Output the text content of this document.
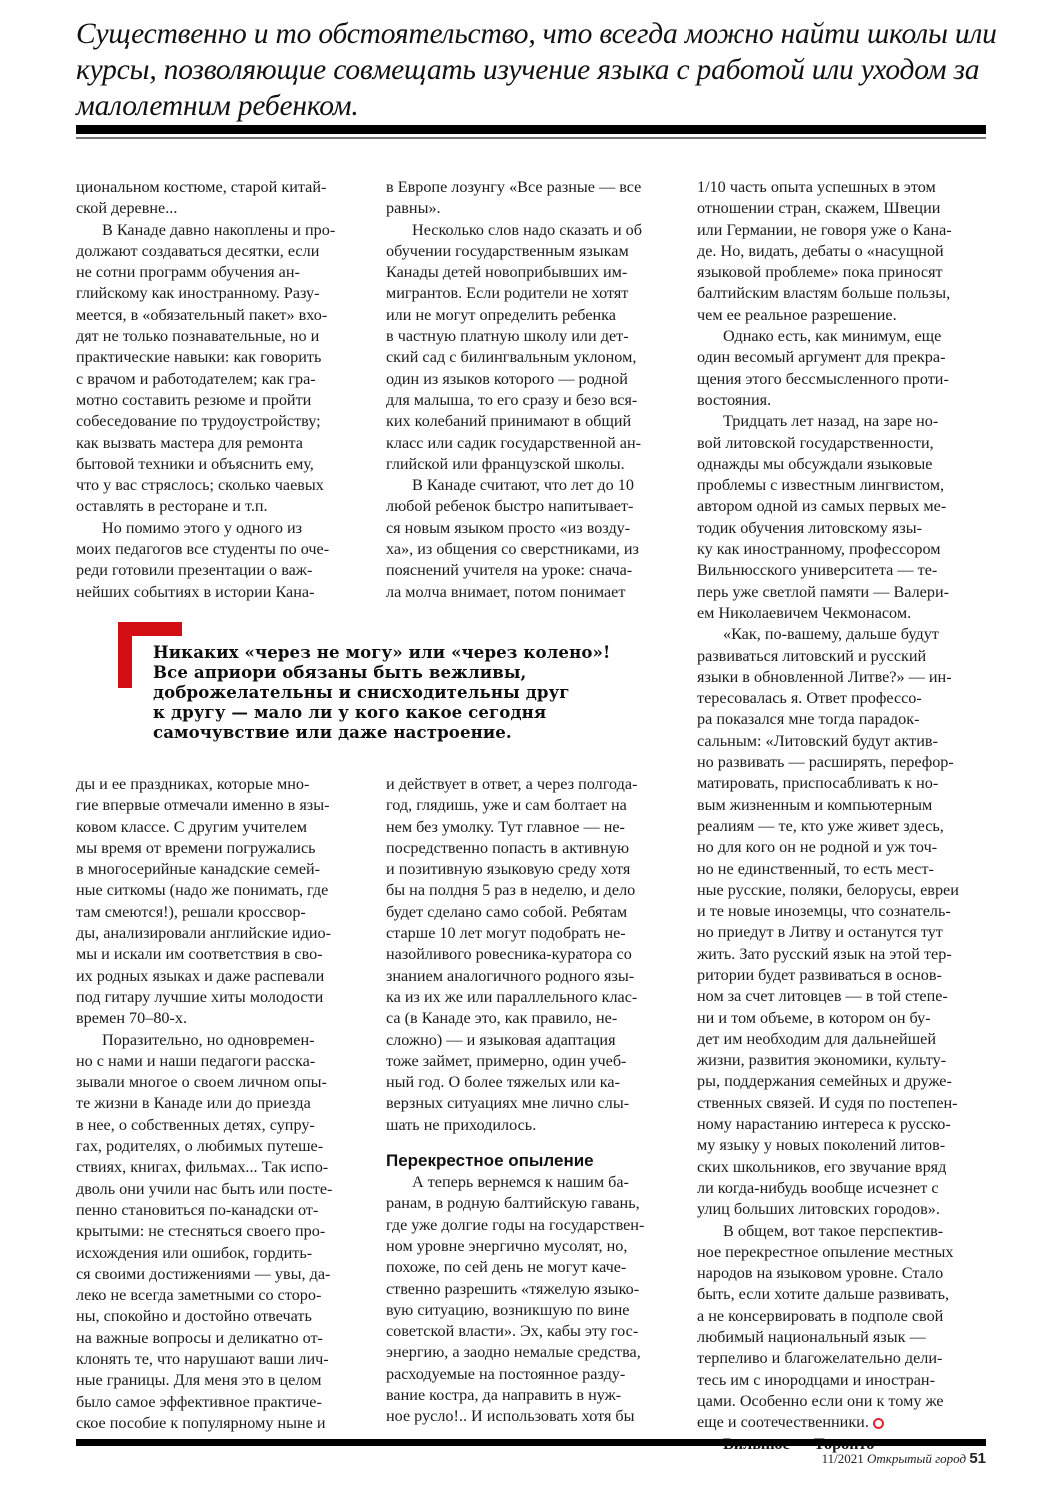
Существенно и то обстоятельство, что всегда можно найти школы или
курсы, позволяющие совмещать изучение языка с работой или уходом за
малолетним ребенком.

циональном костюме, старой китай-
ской деревне...

В Канаде давно накоплены и про-
должают создаваться десятки, если
не сотни программ обучения ан-
глийскому как иностранному. Разу-
меется, в «обязательный пакет» вхо-
дят не только познавательные, но и
практические навыки: как говорить
с врачом и работодателем; как гра-
мотно составить резюме и пройти
собеседование по трудоустройству;
как вызвать мастера для ремонта
бытовой техники и объяснить ему,
что у вас стряслось; сколько чаевых
оставлять в ресторане и т.п.

Но помимо этого у одного из
моих педагогов все студенты по оче-
реди готовили презентации о важ-
нейших событиях в истории Кана-

в Европе лозунгу «Все разные — все
равны».

Несколько слов надо сказать и об
обучении государственным языкам
Канады детей новоприбывших им-
мигрантов. Если родители не хотят
или не могут определить ребенка
в частную платную школу или дет-
ский сад с билингвальным уклоном,
один из языков которого — родной
для малыша, то его сразу и безо вся-
ких колебаний принимают в общий
класс или садик государственной ан-
глийской или французской школы.

В Канаде считают, что лет до 10
любой ребенок быстро напитывает-
ся новым языком просто «из возду-
ха», из общения со сверстниками, из
пояснений учителя на уроке: снача-
ла молча внимает, потом понимает

1/10 часть опыта успешных в этом
отношении стран, скажем, Швеции
или Германии, не говоря уже о Кана-
де. Но, видать, дебаты о «насущной
языковой проблеме» пока приносят
балтийским властям больше пользы,
чем ее реальное разрешение.

Однако есть, как минимум, еще
один весомый аргумент для прекра-
щения этого бессмысленного проти-
востояния.

Тридцать лет назад, на заре но-
вой литовской государственности,
однажды мы обсуждали языковые
проблемы с известным лингвистом,
автором одной из самых первых ме-
тодик обучения литовскому язы-
ку как иностранному, профессором
Вильнюсского университета — те-
перь уже светлой памяти — Валери-
ем Николаевичем Чекмонасом.

«Как, по-вашему, дальше будут
развиваться литовский и русский
языки в обновленной Литве?» — ин-
тересовалась я. Ответ профессо-
ра показался мне тогда парадок-
сальным: «Литовский будут актив-
но развивать — расширять, перефор-
матировать, приспосабливать к но-
вым жизненным и компьютерным
реалиям — те, кто уже живет здесь,
но для кого он не родной и уж точ-
но не единственный, то есть мест-
ные русские, поляки, белорусы, евреи
и те новые иноземцы, что сознатель-
но приедут в Литву и останутся тут
жить. Зато русский язык на этой тер-
ритории будет развиваться в основ-
ном за счет литовцев — в той степе-
ни и том объеме, в котором он бу-
дет им необходим для дальнейшей
жизни, развития экономики, культу-
ры, поддержания семейных и друже-
ственных связей. И судя по постепен-
ному нарастанию интереса к русско-
му языку у новых поколений литов-
ских школьников, его звучание вряд
ли когда-нибудь вообще исчезнет с
улиц больших литовских городов».

В общем, вот такое перспектив-
ное перекрестное опыление местных
народов на языковом уровне. Стало
быть, если хотите дальше развивать,
а не консервировать в подполе свой
любимый национальный язык —
терпеливо и благожелательно дели-
тесь им с инородцами и иностран-
цами. Особенно если они к тому же
еще и соотечественники.

Никаких «через не могу» или «через колено»!
Все априори обязаны быть вежливы,
доброжелательны и снисходительны друг
к другу — мало ли у кого какое сегодня
самочувствие или даже настроение.

ды и ее праздниках, которые мно-
гие впервые отмечали именно в язы-
ковом классе. С другим учителем
мы время от времени погружались
в многосерийные канадские семей-
ные ситкомы (надо же понимать, где
там смеются!), решали кроссвор-
ды, анализировали английские идио-
мы и искали им соответствия в сво-
их родных языках и даже распевали
под гитару лучшие хиты молодости
времен 70–80-х.

Поразительно, но одновремен-
но с нами и наши педагоги расска-
зывали многое о своем личном опы-
те жизни в Канаде или до приезда
в нее, о собственных детях, супру-
гах, родителях, о любимых путеше-
ствиях, книгах, фильмах... Так испо-
дволь они учили нас быть или посте-
пенно становиться по-канадски от-
крытыми: не стесняться своего про-
исхождения или ошибок, гордить-
ся своими достижениями — увы, да-
леко не всегда заметными со сторо-
ны, спокойно и достойно отвечать
на важные вопросы и деликатно от-
клонять те, что нарушают ваши лич-
ные границы. Для меня это в целом
было самое эффективное практиче-
ское пособие к популярному ныне и

и действует в ответ, а через полгода-
год, глядишь, уже и сам болтает на
нем без умолку. Тут главное — не-
посредственно попасть в активную
и позитивную языковую среду хотя
бы на полдня 5 раз в неделю, и дело
будет сделано само собой. Ребятам
старше 10 лет могут подобрать не-
назойливого ровесника-куратора со
знанием аналогичного родного язы-
ка из их же или параллельного клас-
са (в Канаде это, как правило, не-
сложно) — и языковая адаптация
тоже займет, примерно, один учеб-
ный год. О более тяжелых или ка-
верзных ситуациях мне лично слы-
шать не приходилось.

Перекрестное опыление

А теперь вернемся к нашим ба-
ранам, в родную балтийскую гавань,
где уже долгие годы на государствен-
ном уровне энергично мусолят, но,
похоже, по сей день не могут каче-
ственно разрешить «тяжелую языко-
вую ситуацию, возникшую по вине
советской власти». Эх, кабы эту гос-
энергию, а заодно немалые средства,
расходуемые на постоянное разду-
вание костра, да направить в нуж-
ное русло!.. И использовать хотя бы

11/2021 Открытый город 51
